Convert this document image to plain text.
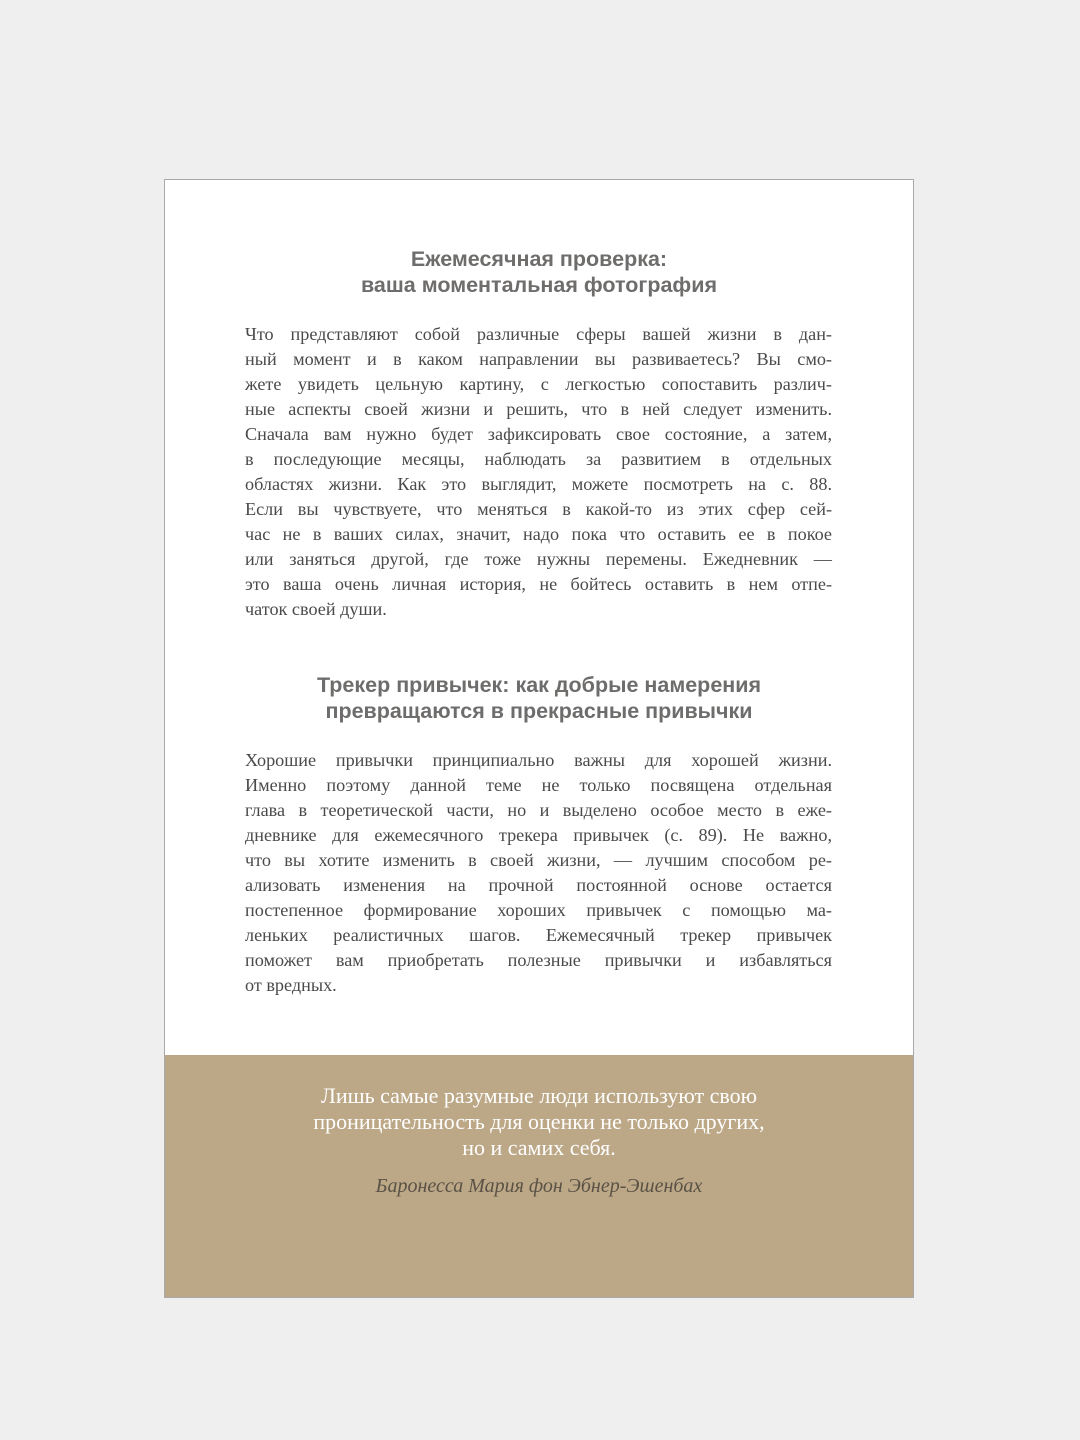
Ежемесячная проверка:
ваша моментальная фотография

Что представляют собой различные сферы вашей жизни в дан-
ный момент и в каком направлении вы развиваетесь? Вы смо-
жете увидеть цельную картину, с легкостью сопоставить различ-
ные аспекты своей жизни и решить, что в ней следует изменить.
Сначала вам нужно будет зафиксировать свое состояние, а затем,
в последующие месяцы, наблюдать за развитием в отдельных
областях жизни. Как это выглядит, можете посмотреть на с. 88.
Если вы чувствуете, что меняться в какой-то из этих сфер сей-
час не в ваших силах, значит, надо пока что оставить ее в покое
или заняться другой, где тоже нужны перемены. Ежедневник —
это ваша очень личная история, не бойтесь оставить в нем отпе-
чаток своей души.

Трекер привычек: как добрые намерения
превращаются в прекрасные привычки

Хорошие привычки принципиально важны для хорошей жизни.
Именно поэтому данной теме не только посвящена отдельная
глава в теоретической части, но и выделено особое место в еже-
дневнике для ежемесячного трекера привычек (с. 89). Не важно,
что вы хотите изменить в своей жизни, — лучшим способом ре-
ализовать изменения на прочной постоянной основе остается
постепенное формирование хороших привычек с помощью ма-
леньких реалистичных шагов. Ежемесячный трекер привычек
поможет вам приобретать полезные привычки и избавляться
от вредных.

Лишь самые разумные люди используют свою
проницательность для оценки не только других,
но и самих себя.

Баронесса Мария фон Эбнер-Эшенбах
